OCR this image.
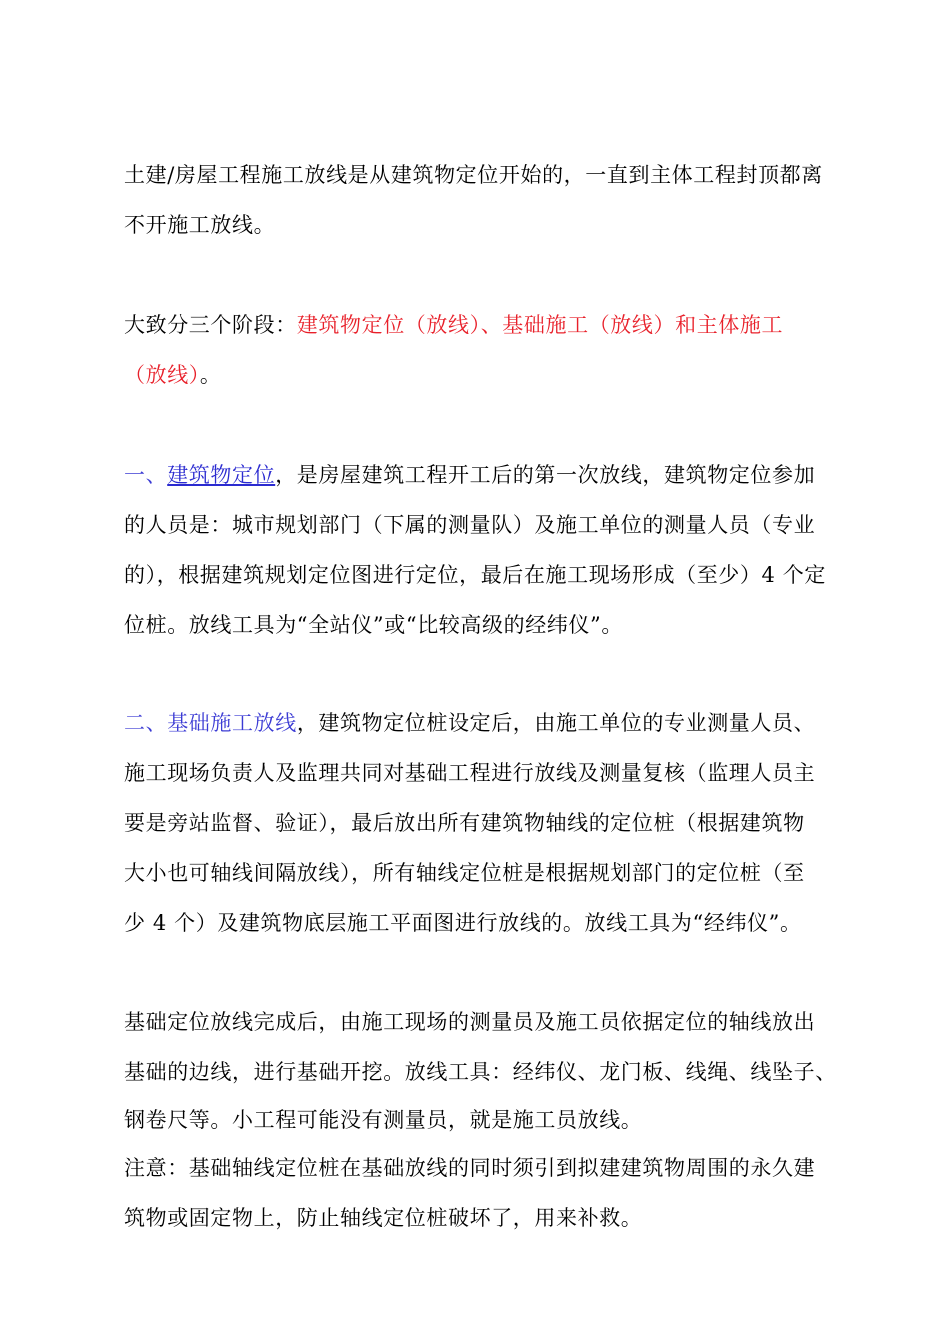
土建/房屋工程施工放线是从建筑物定位开始的，一直到主体工程封顶都离
不开施工放线。

大致分三个阶段：建筑物定位（放线）、基础施工（放线）和主体施工
（放线）。

一、建筑物定位，是房屋建筑工程开工后的第一次放线，建筑物定位参加
的人员是：城市规划部门（下属的测量队）及施工单位的测量人员（专业
的），根据建筑规划定位图进行定位，最后在施工现场形成（至少）4 个定
位桩。放线工具为“全站仪”或“比较高级的经纬仪”。

二、基础施工放线，建筑物定位桩设定后，由施工单位的专业测量人员、
施工现场负责人及监理共同对基础工程进行放线及测量复核（监理人员主
要是旁站监督、验证），最后放出所有建筑物轴线的定位桩（根据建筑物
大小也可轴线间隔放线），所有轴线定位桩是根据规划部门的定位桩（至
少 4 个）及建筑物底层施工平面图进行放线的。放线工具为“经纬仪”。

基础定位放线完成后，由施工现场的测量员及施工员依据定位的轴线放出
基础的边线，进行基础开挖。放线工具：经纬仪、龙门板、线绳、线坠子、
钢卷尺等。小工程可能没有测量员，就是施工员放线。
注意：基础轴线定位桩在基础放线的同时须引到拟建建筑物周围的永久建
筑物或固定物上，防止轴线定位桩破坏了，用来补救。
